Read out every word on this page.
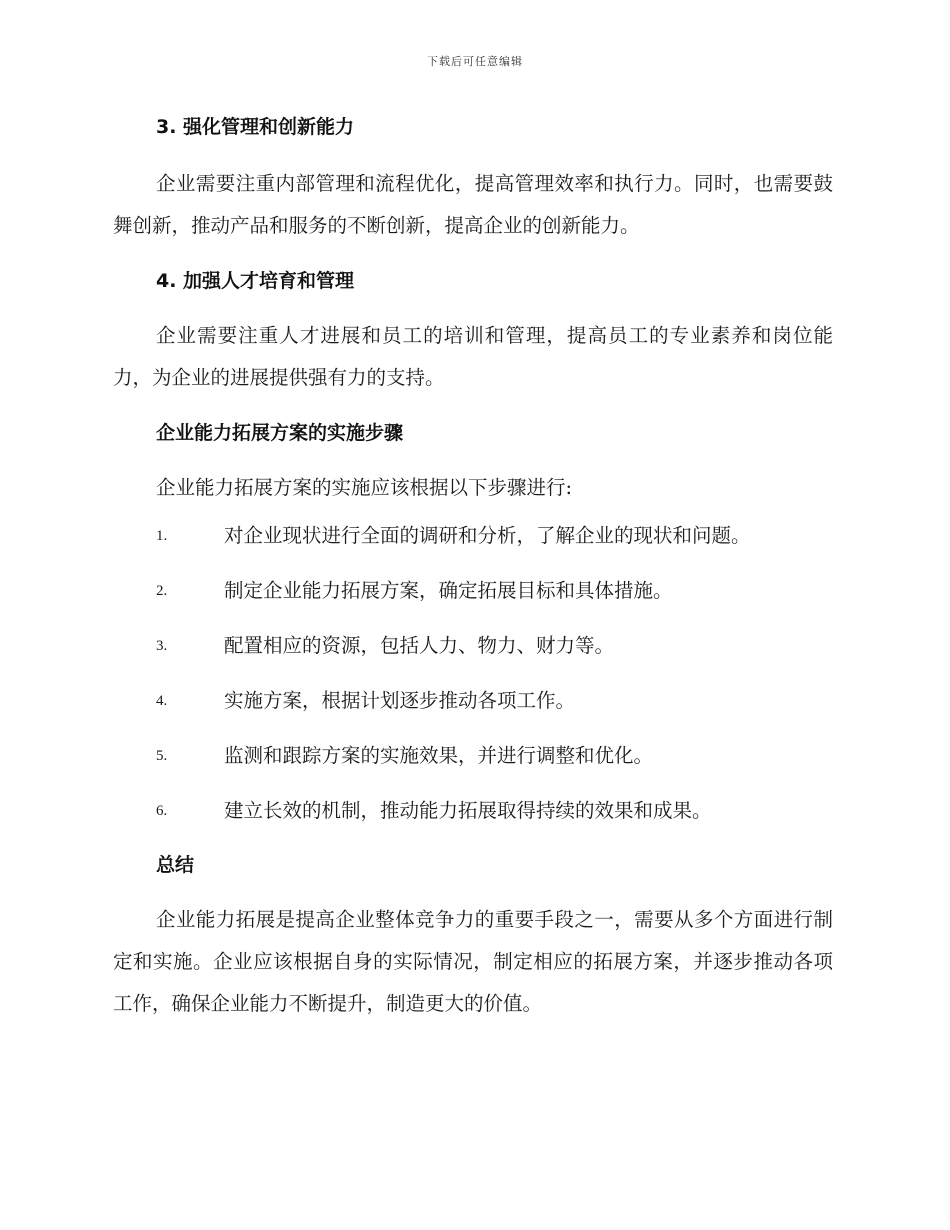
下载后可任意编辑
3. 强化管理和创新能力

企业需要注重内部管理和流程优化，提高管理效率和执行力。同时，也需要鼓舞创新，推动产品和服务的不断创新，提高企业的创新能力。

4. 加强人才培育和管理

企业需要注重人才进展和员工的培训和管理，提高员工的专业素养和岗位能力，为企业的进展提供强有力的支持。

企业能力拓展方案的实施步骤

企业能力拓展方案的实施应该根据以下步骤进行:

1.	对企业现状进行全面的调研和分析，了解企业的现状和问题。
2.	制定企业能力拓展方案，确定拓展目标和具体措施。
3.	配置相应的资源，包括人力、物力、财力等。
4.	实施方案，根据计划逐步推动各项工作。
5.	监测和跟踪方案的实施效果，并进行调整和优化。
6.	建立长效的机制，推动能力拓展取得持续的效果和成果。
总结

企业能力拓展是提高企业整体竞争力的重要手段之一，需要从多个方面进行制定和实施。企业应该根据自身的实际情况，制定相应的拓展方案，并逐步推动各项工作，确保企业能力不断提升，制造更大的价值。
